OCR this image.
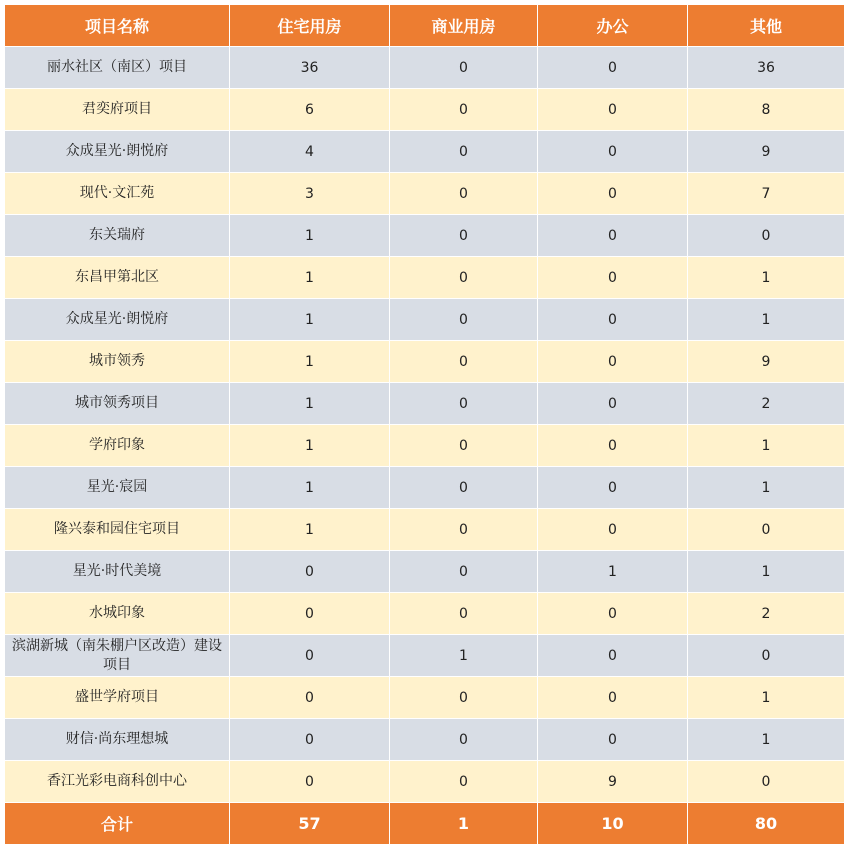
项目名称	住宅用房	商业用房	办公	其他
丽水社区（南区）项目	36	0	0	36
君奕府项目	6	0	0	8
众成星光·朗悦府	4	0	0	9
现代·文汇苑	3	0	0	7
东关瑞府	1	0	0	0
东昌甲第北区	1	0	0	1
众成星光·朗悦府	1	0	0	1
城市领秀	1	0	0	9
城市领秀项目	1	0	0	2
学府印象	1	0	0	1
星光·宸园	1	0	0	1
隆兴泰和园住宅项目	1	0	0	0
星光·时代美境	0	0	1	1
水城印象	0	0	0	2
滨湖新城（南朱棚户区改造）建设项目	0	1	0	0
盛世学府项目	0	0	0	1
财信·尚东理想城	0	0	0	1
香江光彩电商科创中心	0	0	9	0
合计	57	1	10	80
